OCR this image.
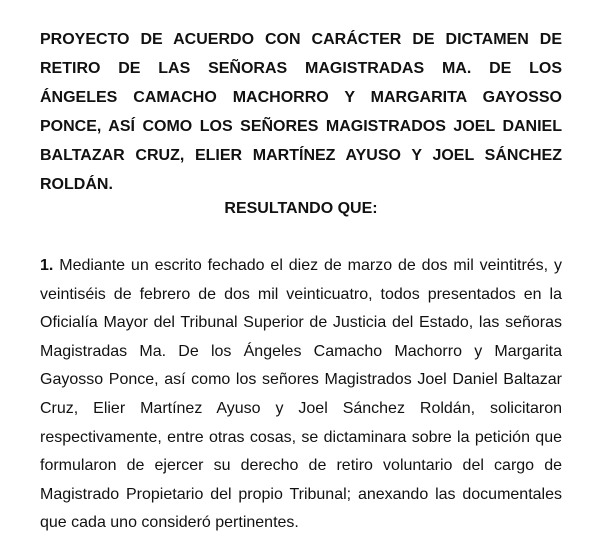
PROYECTO DE ACUERDO CON CARÁCTER DE DICTAMEN DE RETIRO DE LAS SEÑORAS MAGISTRADAS MA. DE LOS ÁNGELES CAMACHO MACHORRO Y MARGARITA GAYOSSO PONCE, ASÍ COMO LOS SEÑORES MAGISTRADOS JOEL DANIEL BALTAZAR CRUZ, ELIER MARTÍNEZ AYUSO Y JOEL SÁNCHEZ ROLDÁN.

RESULTANDO QUE:

1. Mediante un escrito fechado el diez de marzo de dos mil veintitrés, y veintiséis de febrero de dos mil veinticuatro, todos presentados en la Oficialía Mayor del Tribunal Superior de Justicia del Estado, las señoras Magistradas Ma. De los Ángeles Camacho Machorro y Margarita Gayosso Ponce, así como los señores Magistrados Joel Daniel Baltazar Cruz, Elier Martínez Ayuso y Joel Sánchez Roldán, solicitaron respectivamente, entre otras cosas, se dictaminara sobre la petición que formularon de ejercer su derecho de retiro voluntario del cargo de Magistrado Propietario del propio Tribunal; anexando las documentales que cada uno consideró pertinentes.
